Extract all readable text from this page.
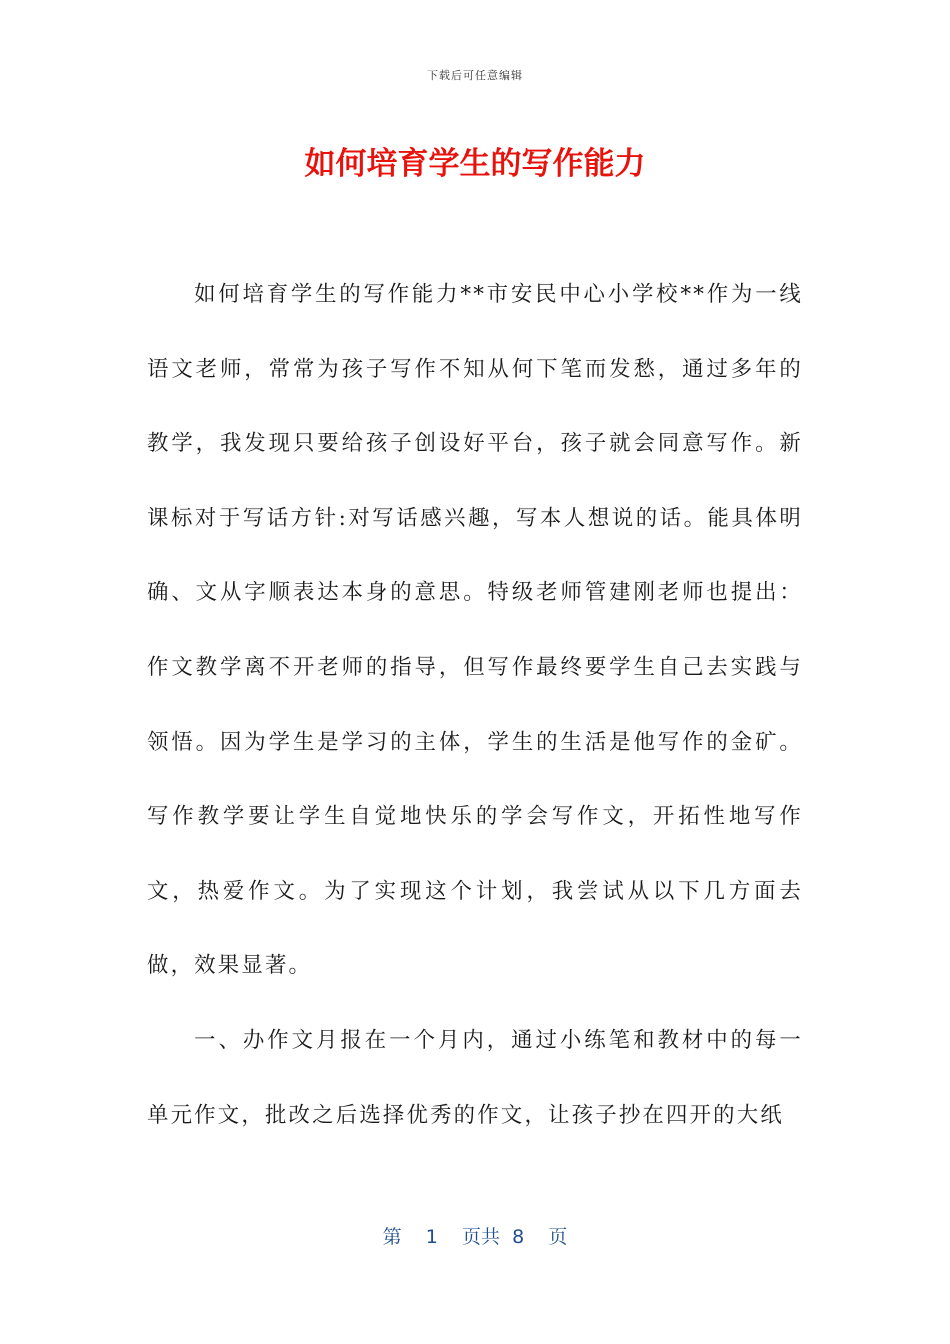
下载后可任意编辑
如何培育学生的写作能力

如何培育学生的写作能力**市安民中心小学校**作为一线语文老师，常常为孩子写作不知从何下笔而发愁，通过多年的教学，我发现只要给孩子创设好平台，孩子就会同意写作。新课标对于写话方针:对写话感兴趣，写本人想说的话。能具体明确、文从字顺表达本身的意思。特级老师管建刚老师也提出：作文教学离不开老师的指导，但写作最终要学生自己去实践与领悟。因为学生是学习的主体，学生的生活是他写作的金矿。写作教学要让学生自觉地快乐的学会写作文，开拓性地写作文，热爱作文。为了实现这个计划，我尝试从以下几方面去做，效果显著。

一、办作文月报在一个月内，通过小练笔和教材中的每一单元作文，批改之后选择优秀的作文，让孩子抄在四开的大纸

第 1 页共 8 页
